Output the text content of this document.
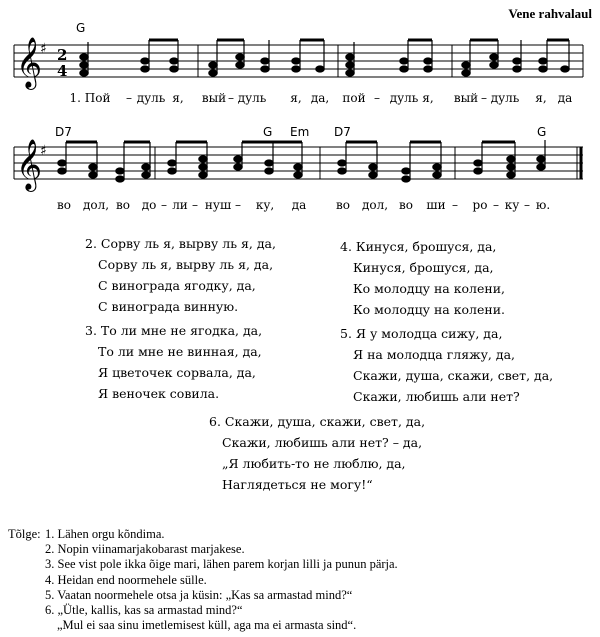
Vene rahvalaul
𝄞
♯ 2
4
G
1. Пой – дуль я, вый – дуль я, да, пой – дуль я, вый – дуль я, да
𝄞
♯
D7	G Em D7	G
во дол, во до – ли – нуш – ку, да во дол, во ши – ро – ку – ю.
2. Сорву ль я, вырву ль я, да,
Сорву ль я, вырву ль я, да,
С винограда ягодку, да,
С винограда винную.
3. То ли мне не ягодка, да,
То ли мне не винная, да,
Я цветочек сорвала, да,
Я веночек совила.
4. Кинуся, брошуся, да,
Кинуся, брошуся, да,
Ко молодцу на колени,
Ко молодцу на колени.
5. Я у молодца сижу, да,
Я на молодца гляжу, да,
Скажи, душа, скажи, свет, да,
Скажи, любишь али нет?
6. Скажи, душа, скажи, свет, да,
Скажи, любишь али нет? – да,
„Я любить-то не люблю, да,
Наглядеться не могу!“
Tõlge: 1. Lähen orgu kõndima.
2. Nopin viinamarjakobarast marjakese.
3. See vist pole ikka õige mari, lähen parem korjan lilli ja punun pärja.
4. Heidan end noormehele sülle.
5. Vaatan noormehele otsa ja küsin: „Kas sa armastad mind?“
6. „Ütle, kallis, kas sa armastad mind?“
„Mul ei saa sinu imetlemisest küll, aga ma ei armasta sind“.
